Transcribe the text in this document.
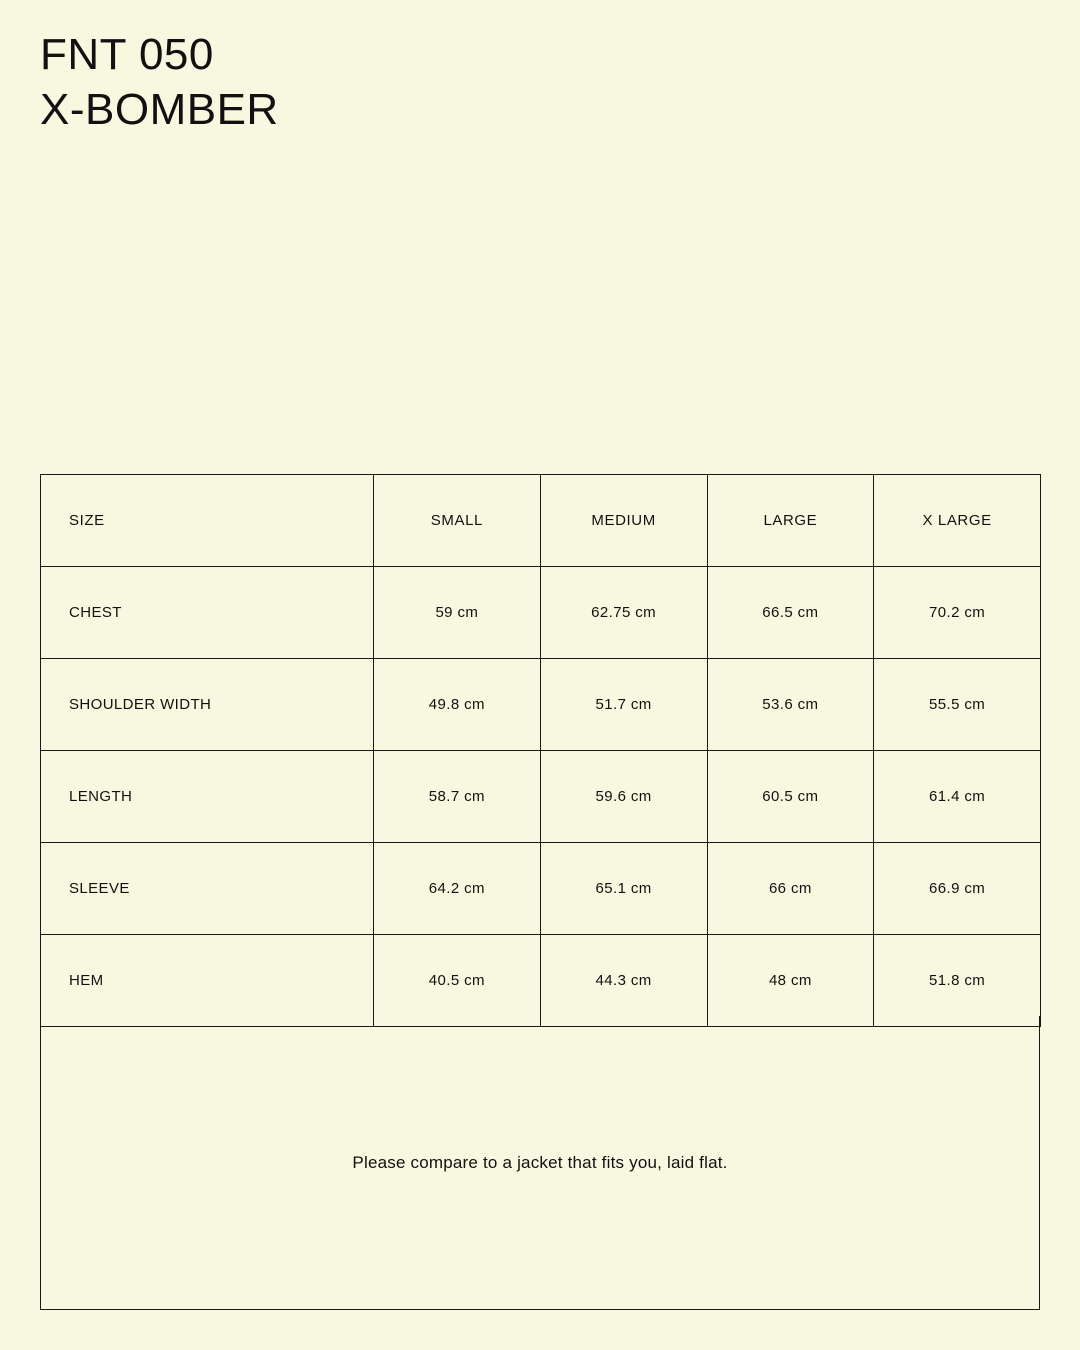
FNT 050
X-BOMBER
SIZE	SMALL	MEDIUM	LARGE	X LARGE
CHEST	59 cm	62.75 cm	66.5 cm	70.2 cm
SHOULDER WIDTH	49.8 cm	51.7 cm	53.6 cm	55.5 cm
LENGTH	58.7 cm	59.6 cm	60.5 cm	61.4 cm
SLEEVE	64.2 cm	65.1 cm	66 cm	66.9 cm
HEM	40.5 cm	44.3 cm	48 cm	51.8 cm
Please compare to a jacket that fits you, laid flat.
